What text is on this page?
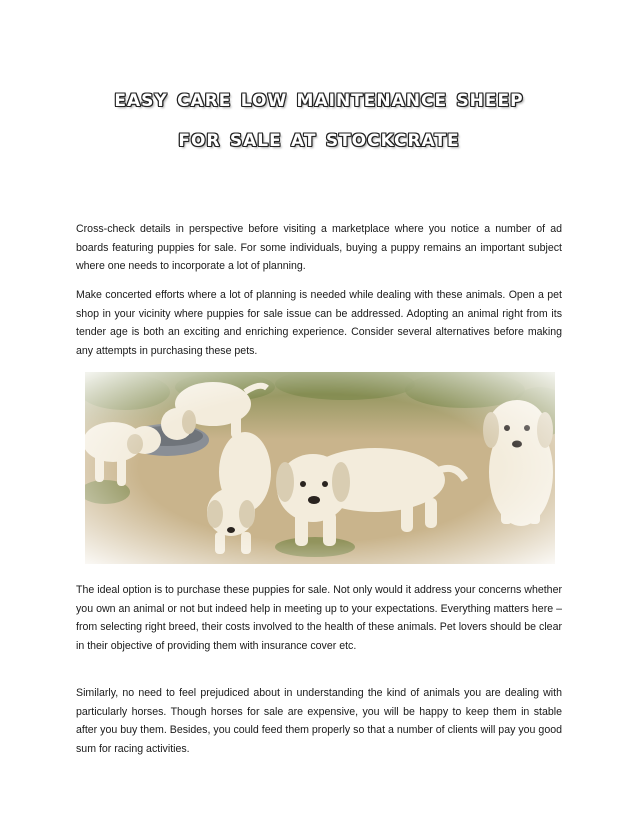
easy care low maintenance sheep
for sale at stockcrate

Cross-check details in perspective before visiting a marketplace where you notice a number of ad boards featuring puppies for sale. For some individuals, buying a puppy remains an important subject where one needs to incorporate a lot of planning.

Make concerted efforts where a lot of planning is needed while dealing with these animals. Open a pet shop in your vicinity where puppies for sale issue can be addressed. Adopting an animal right from its tender age is both an exciting and enriching experience. Consider several alternatives before making any attempts in purchasing these pets.

The ideal option is to purchase these puppies for sale. Not only would it address your concerns whether you own an animal or not but indeed help in meeting up to your expectations. Everything matters here – from selecting right breed, their costs involved to the health of these animals. Pet lovers should be clear in their objective of providing them with insurance cover etc.

Similarly, no need to feel prejudiced about in understanding the kind of animals you are dealing with particularly horses. Though horses for sale are expensive, you will be happy to keep them in stable after you buy them. Besides, you could feed them properly so that a number of clients will pay you good sum for racing activities.
